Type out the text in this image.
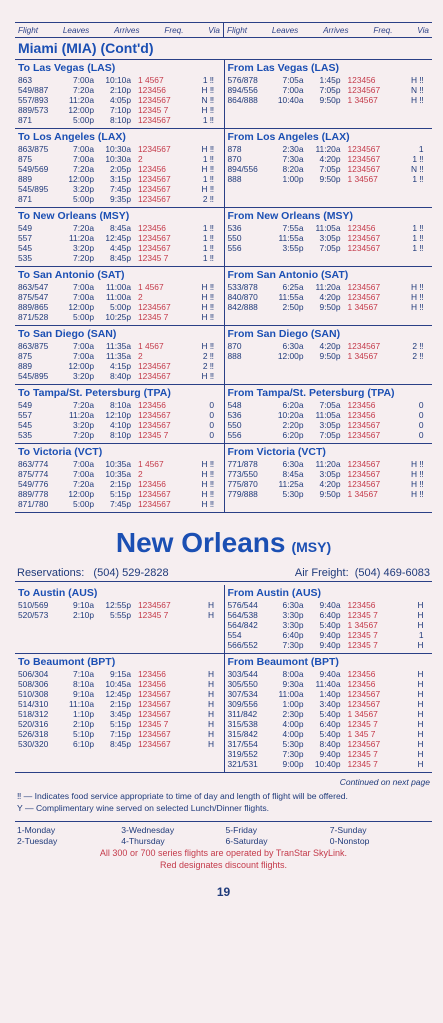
Flight	Leaves	Arrives	Freq.	Via Flight	Leaves	Arrives	Freq.	Via
Miami (MIA) (Cont'd)
To Las Vegas (LAS)
863	7:00a	10:10a 1 4567	1 ‼
549/887	7:20a	2:10p 123456	H ‼
557/893	11:20a	4:05p 1234567	N ‼
889/573	12:00p	7:10p 12345 7	H ‼
871	5:00p	8:10p 1234567	1 ‼
From Las Vegas (LAS)
576/878	7:05a	1:45p 123456	H ‼
894/556	7:00a	7:05p 1234567	N ‼
864/888	10:40a	9:50p 1 34567	H ‼
To Los Angeles (LAX)
863/875	7:00a	10:30a 1234567	H ‼
875	7:00a	10:30a 2	1 ‼
549/569	7:20a	2:05p 123456	H ‼
889	12:00p	3:15p 1234567	1 ‼
545/895	3:20p	7:45p 1234567	H ‼
871	5:00p	9:35p 1234567	2 ‼
From Los Angeles (LAX)
878	2:30a	11:20a 1234567	1
870	7:30a	4:20p 1234567	1 ‼
894/556	8:20a	7:05p 1234567	N ‼
888	1:00p	9:50p 1 34567	1 ‼
To New Orleans (MSY)
549	7:20a	8:45a 123456	1 ‼
557	11:20a	12:45p 1234567	1 ‼
545	3:20p	4:45p 1234567	1 ‼
535	7:20p	8:45p 12345 7	1 ‼
From New Orleans (MSY)
536	7:55a	11:05a 123456	1 ‼
550	11:55a	3:05p 1234567	1 ‼
556	3:55p	7:05p 1234567	1 ‼
To San Antonio (SAT)
863/547	7:00a	11:00a 1 4567	H ‼
875/547	7:00a	11:00a 2	H ‼
889/865	12:00p	5:00p 1234567	H ‼
871/528	5:00p	10:25p 12345 7	H ‼
From San Antonio (SAT)
533/878	6:25a	11:20a 1234567	H ‼
840/870	11:55a	4:20p 1234567	H ‼
842/888	2:50p	9:50p 1 34567	H ‼
To San Diego (SAN)
863/875	7:00a	11:35a 1 4567	H ‼
875	7:00a	11:35a 2	2 ‼
889	12:00p	4:15p 1234567	2 ‼
545/895	3:20p	8:40p 1234567	H ‼
From San Diego (SAN)
870	6:30a	4:20p 1234567	2 ‼
888	12:00p	9:50p 1 34567	2 ‼
To Tampa/St. Petersburg (TPA)
549	7:20a	8:10a 123456	0
557	11:20a	12:10p 1234567	0
545	3:20p	4:10p 1234567	0
535	7:20p	8:10p 12345 7	0
From Tampa/St. Petersburg (TPA)
548	6:20a	7:05a 123456	0
536	10:20a	11:05a 123456	0
550	2:20p	3:05p 1234567	0
556	6:20p	7:05p 1234567	0
To Victoria (VCT)
863/774	7:00a	10:35a 1 4567	H ‼
875/774	7:00a	10:35a 2	H ‼
549/776	7:20a	2:15p 123456	H ‼
889/778	12:00p	5:15p 1234567	H ‼
871/780	5:00p	7:45p 1234567	H ‼
From Victoria (VCT)
771/878	6:30a	11:20a 1234567	H ‼
773/550	8:45a	3:05p 1234567	H ‼
775/870	11:25a	4:20p 1234567	H ‼
779/888	5:30p	9:50p 1 34567	H ‼
New Orleans (MSY)
Reservations:   (504) 529-2828	Air Freight:  (504) 469-6083
To Austin (AUS)
510/569	9:10a	12:55p 1234567	H
520/573	2:10p	5:55p 12345 7	H
From Austin (AUS)
576/544	6:30a	9:40a 123456	H
564/538	3:30p	6:40p 12345 7	H
564/842	3:30p	5:40p 1 34567	H
554	6:40p	9:40p 12345 7	1
566/552	7:30p	9:40p 12345 7	H
To Beaumont (BPT)
506/304	7:10a	9:15a 123456	H
508/306	8:10a	10:45a 123456	H
510/308	9:10a	12:45p 1234567	H
514/310	11:10a	2:15p 1234567	H
518/312	1:10p	3:45p 1234567	H
520/316	2:10p	5:15p 12345 7	H
526/318	5:10p	7:15p 1234567	H
530/320	6:10p	8:45p 1234567	H
From Beaumont (BPT)
303/544	8:00a	9:40a 123456	H
305/550	9:30a	11:40a 123456	H
307/534	11:00a	1:40p 1234567	H
309/556	1:00p	3:40p 1234567	H
311/842	2:30p	5:40p 1 34567	H
315/538	4:00p	6:40p 12345 7	H
315/842	4:00p	5:40p 1 345 7	H
317/554	5:30p	8:40p 1234567	H
319/552	7:30p	9:40p 12345 7	H
321/531	9:00p	10:40p 12345 7	H
Continued on next page
‼ — Indicates food service appropriate to time of day and length of flight will be offered.
Y — Complimentary wine served on selected Lunch/Dinner flights.
1-Monday
2-Tuesday
3-Wednesday
4-Thursday
5-Friday
6-Saturday
7-Sunday
0-Nonstop
All 300 or 700 series flights are operated by TranStar SkyLink.
Red designates discount flights.
19
